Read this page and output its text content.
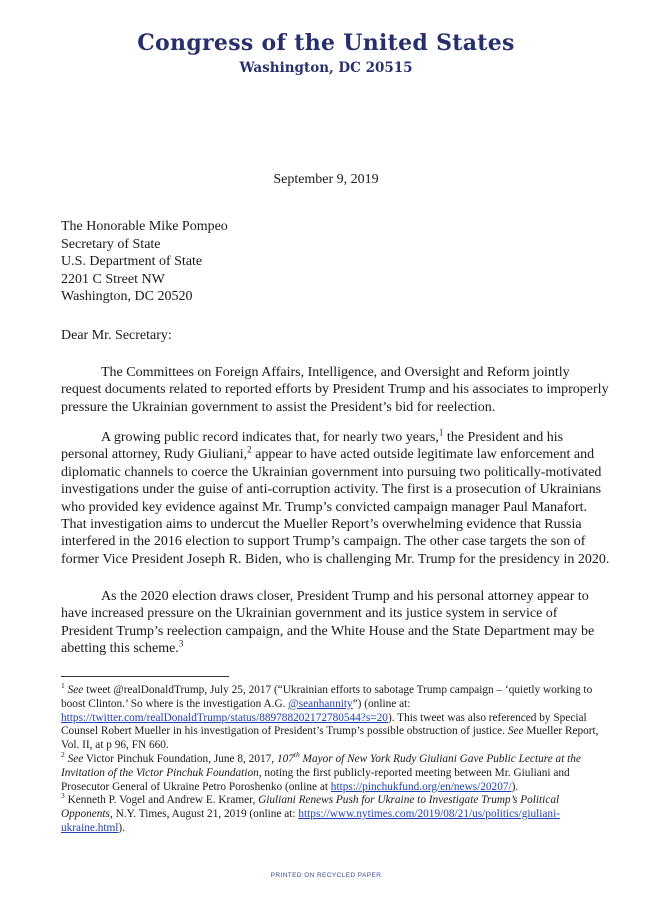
Congress of the United States
Washington, DC 20515
September 9, 2019
The Honorable Mike Pompeo
Secretary of State
U.S. Department of State
2201 C Street NW
Washington, DC 20520
Dear Mr. Secretary:

The Committees on Foreign Affairs, Intelligence, and Oversight and Reform jointly request documents related to reported efforts by President Trump and his associates to improperly pressure the Ukrainian government to assist the President’s bid for reelection.

A growing public record indicates that, for nearly two years,$^1$ the President and his personal attorney, Rudy Giuliani,$^2$ appear to have acted outside legitimate law enforcement and diplomatic channels to coerce the Ukrainian government into pursuing two politically-motivated investigations under the guise of anti-corruption activity. The first is a prosecution of Ukrainians who provided key evidence against Mr. Trump’s convicted campaign manager Paul Manafort. That investigation aims to undercut the Mueller Report’s overwhelming evidence that Russia interfered in the 2016 election to support Trump’s campaign. The other case targets the son of former Vice President Joseph R. Biden, who is challenging Mr. Trump for the presidency in 2020.

As the 2020 election draws closer, President Trump and his personal attorney appear to have increased pressure on the Ukrainian government and its justice system in service of President Trump’s reelection campaign, and the White House and the State Department may be abetting this scheme.$^3$

$^1$ See tweet @realDonaldTrump, July 25, 2017 (“Ukrainian efforts to sabotage Trump campaign – ‘quietly working to boost Clinton.’ So where is the investigation A.G. @seanhannity”) (online at: https://twitter.com/realDonaldTrump/status/889788202172780544?s=20). This tweet was also referenced by Special Counsel Robert Mueller in his investigation of President’s Trump’s possible obstruction of justice. See Mueller Report, Vol. II, at p 96, FN 660.

$^2$ See Victor Pinchuk Foundation, June 8, 2017, 107th Mayor of New York Rudy Giuliani Gave Public Lecture at the Invitation of the Victor Pinchuk Foundation, noting the first publicly-reported meeting between Mr. Giuliani and Prosecutor General of Ukraine Petro Poroshenko (online at https://pinchukfund.org/en/news/20207/).

$^3$ Kenneth P. Vogel and Andrew E. Kramer, Giuliani Renews Push for Ukraine to Investigate Trump’s Political Opponents, N.Y. Times, August 21, 2019 (online at: https://www.nytimes.com/2019/08/21/us/politics/giuliani-ukraine.html).

PRINTED ON RECYCLED PAPER
